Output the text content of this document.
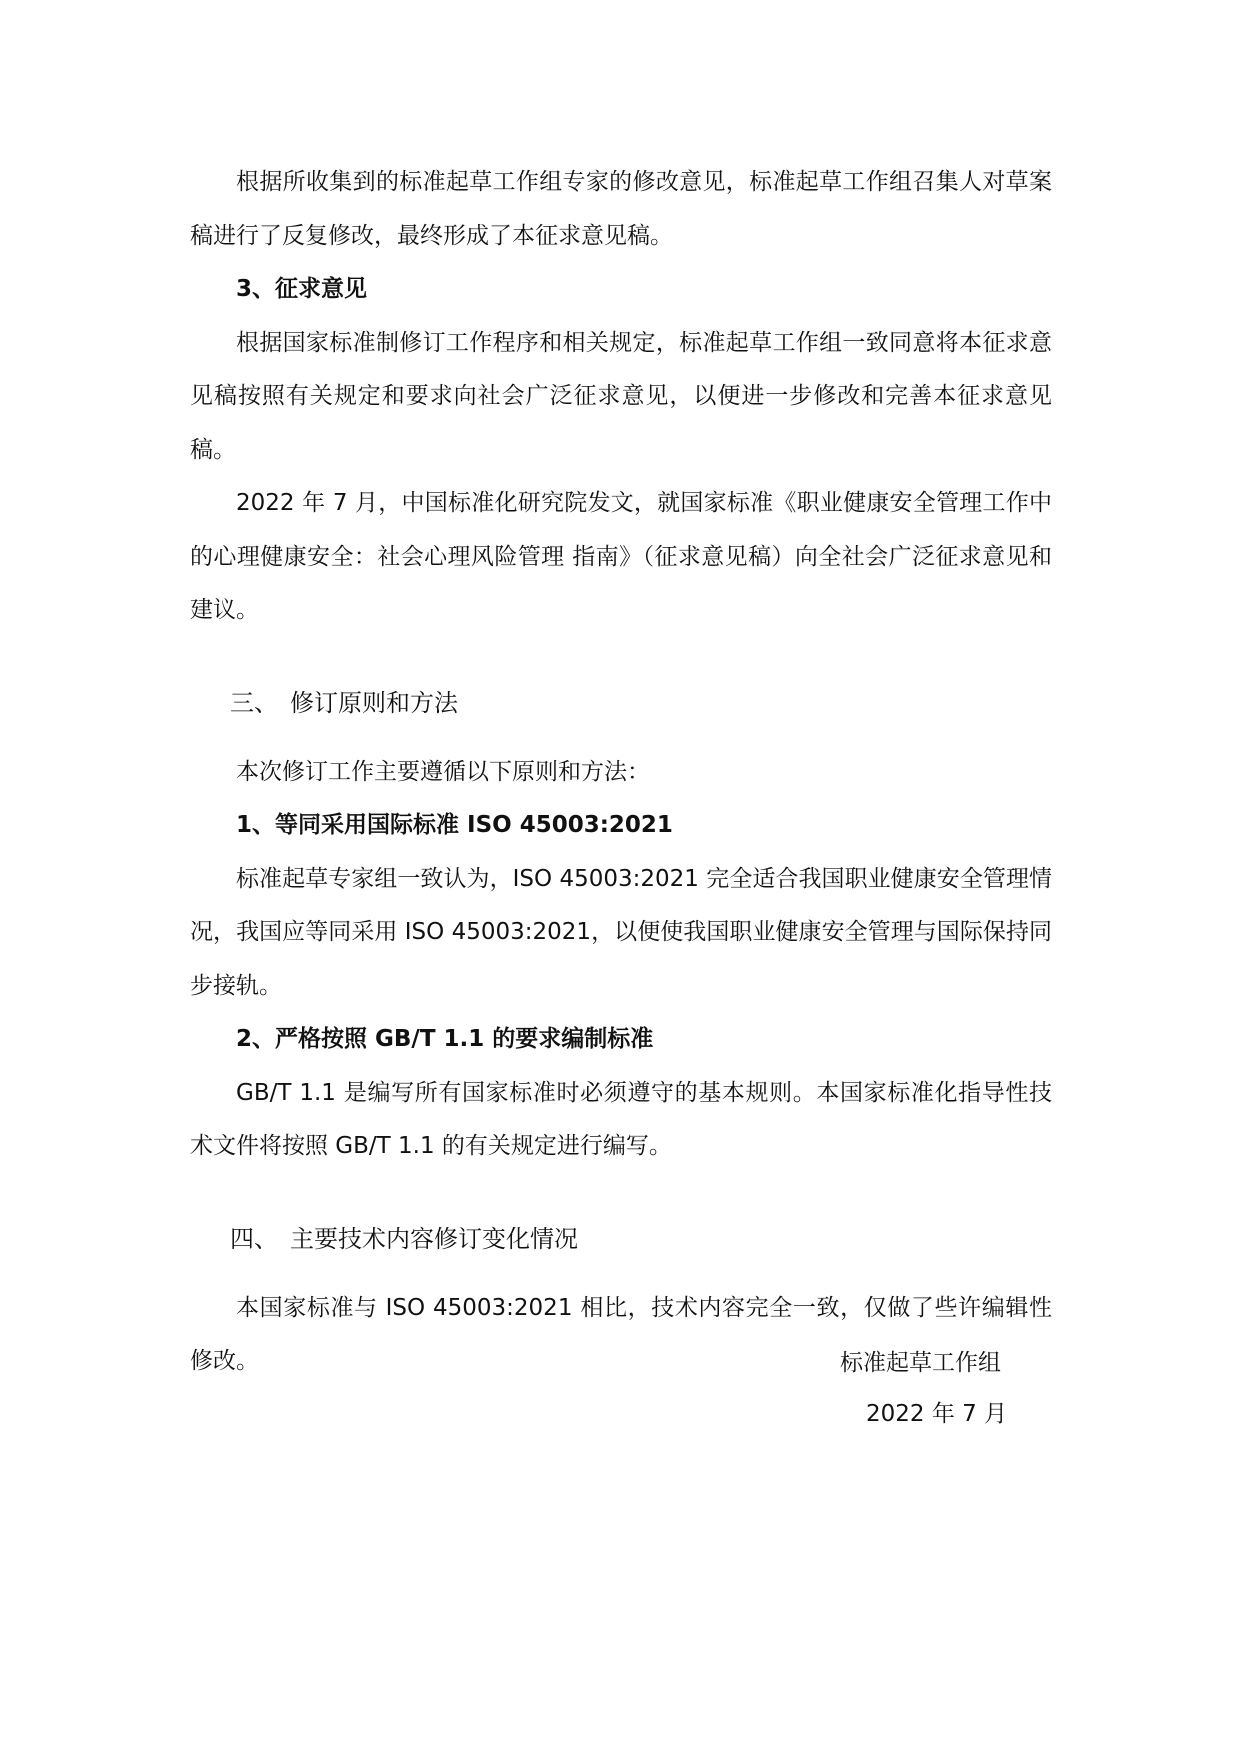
根据所收集到的标准起草工作组专家的修改意见，标准起草工作组召集人对草案稿进行了反复修改，最终形成了本征求意见稿。

3、征求意见

根据国家标准制修订工作程序和相关规定，标准起草工作组一致同意将本征求意见稿按照有关规定和要求向社会广泛征求意见，以便进一步修改和完善本征求意见稿。

2022 年 7 月，中国标准化研究院发文，就国家标准《职业健康安全管理工作中的心理健康安全：社会心理风险管理 指南》（征求意见稿）向全社会广泛征求意见和建议。

三、 修订原则和方法

本次修订工作主要遵循以下原则和方法：

1、等同采用国际标准 ISO 45003:2021

标准起草专家组一致认为，ISO 45003:2021 完全适合我国职业健康安全管理情况，我国应等同采用 ISO 45003:2021，以便使我国职业健康安全管理与国际保持同步接轨。

2、严格按照 GB/T 1.1 的要求编制标准

GB/T 1.1 是编写所有国家标准时必须遵守的基本规则。本国家标准化指导性技术文件将按照 GB/T 1.1 的有关规定进行编写。

四、 主要技术内容修订变化情况

本国家标准与 ISO 45003:2021 相比，技术内容完全一致，仅做了些许编辑性修改。	标准起草工作组
2022 年 7 月
